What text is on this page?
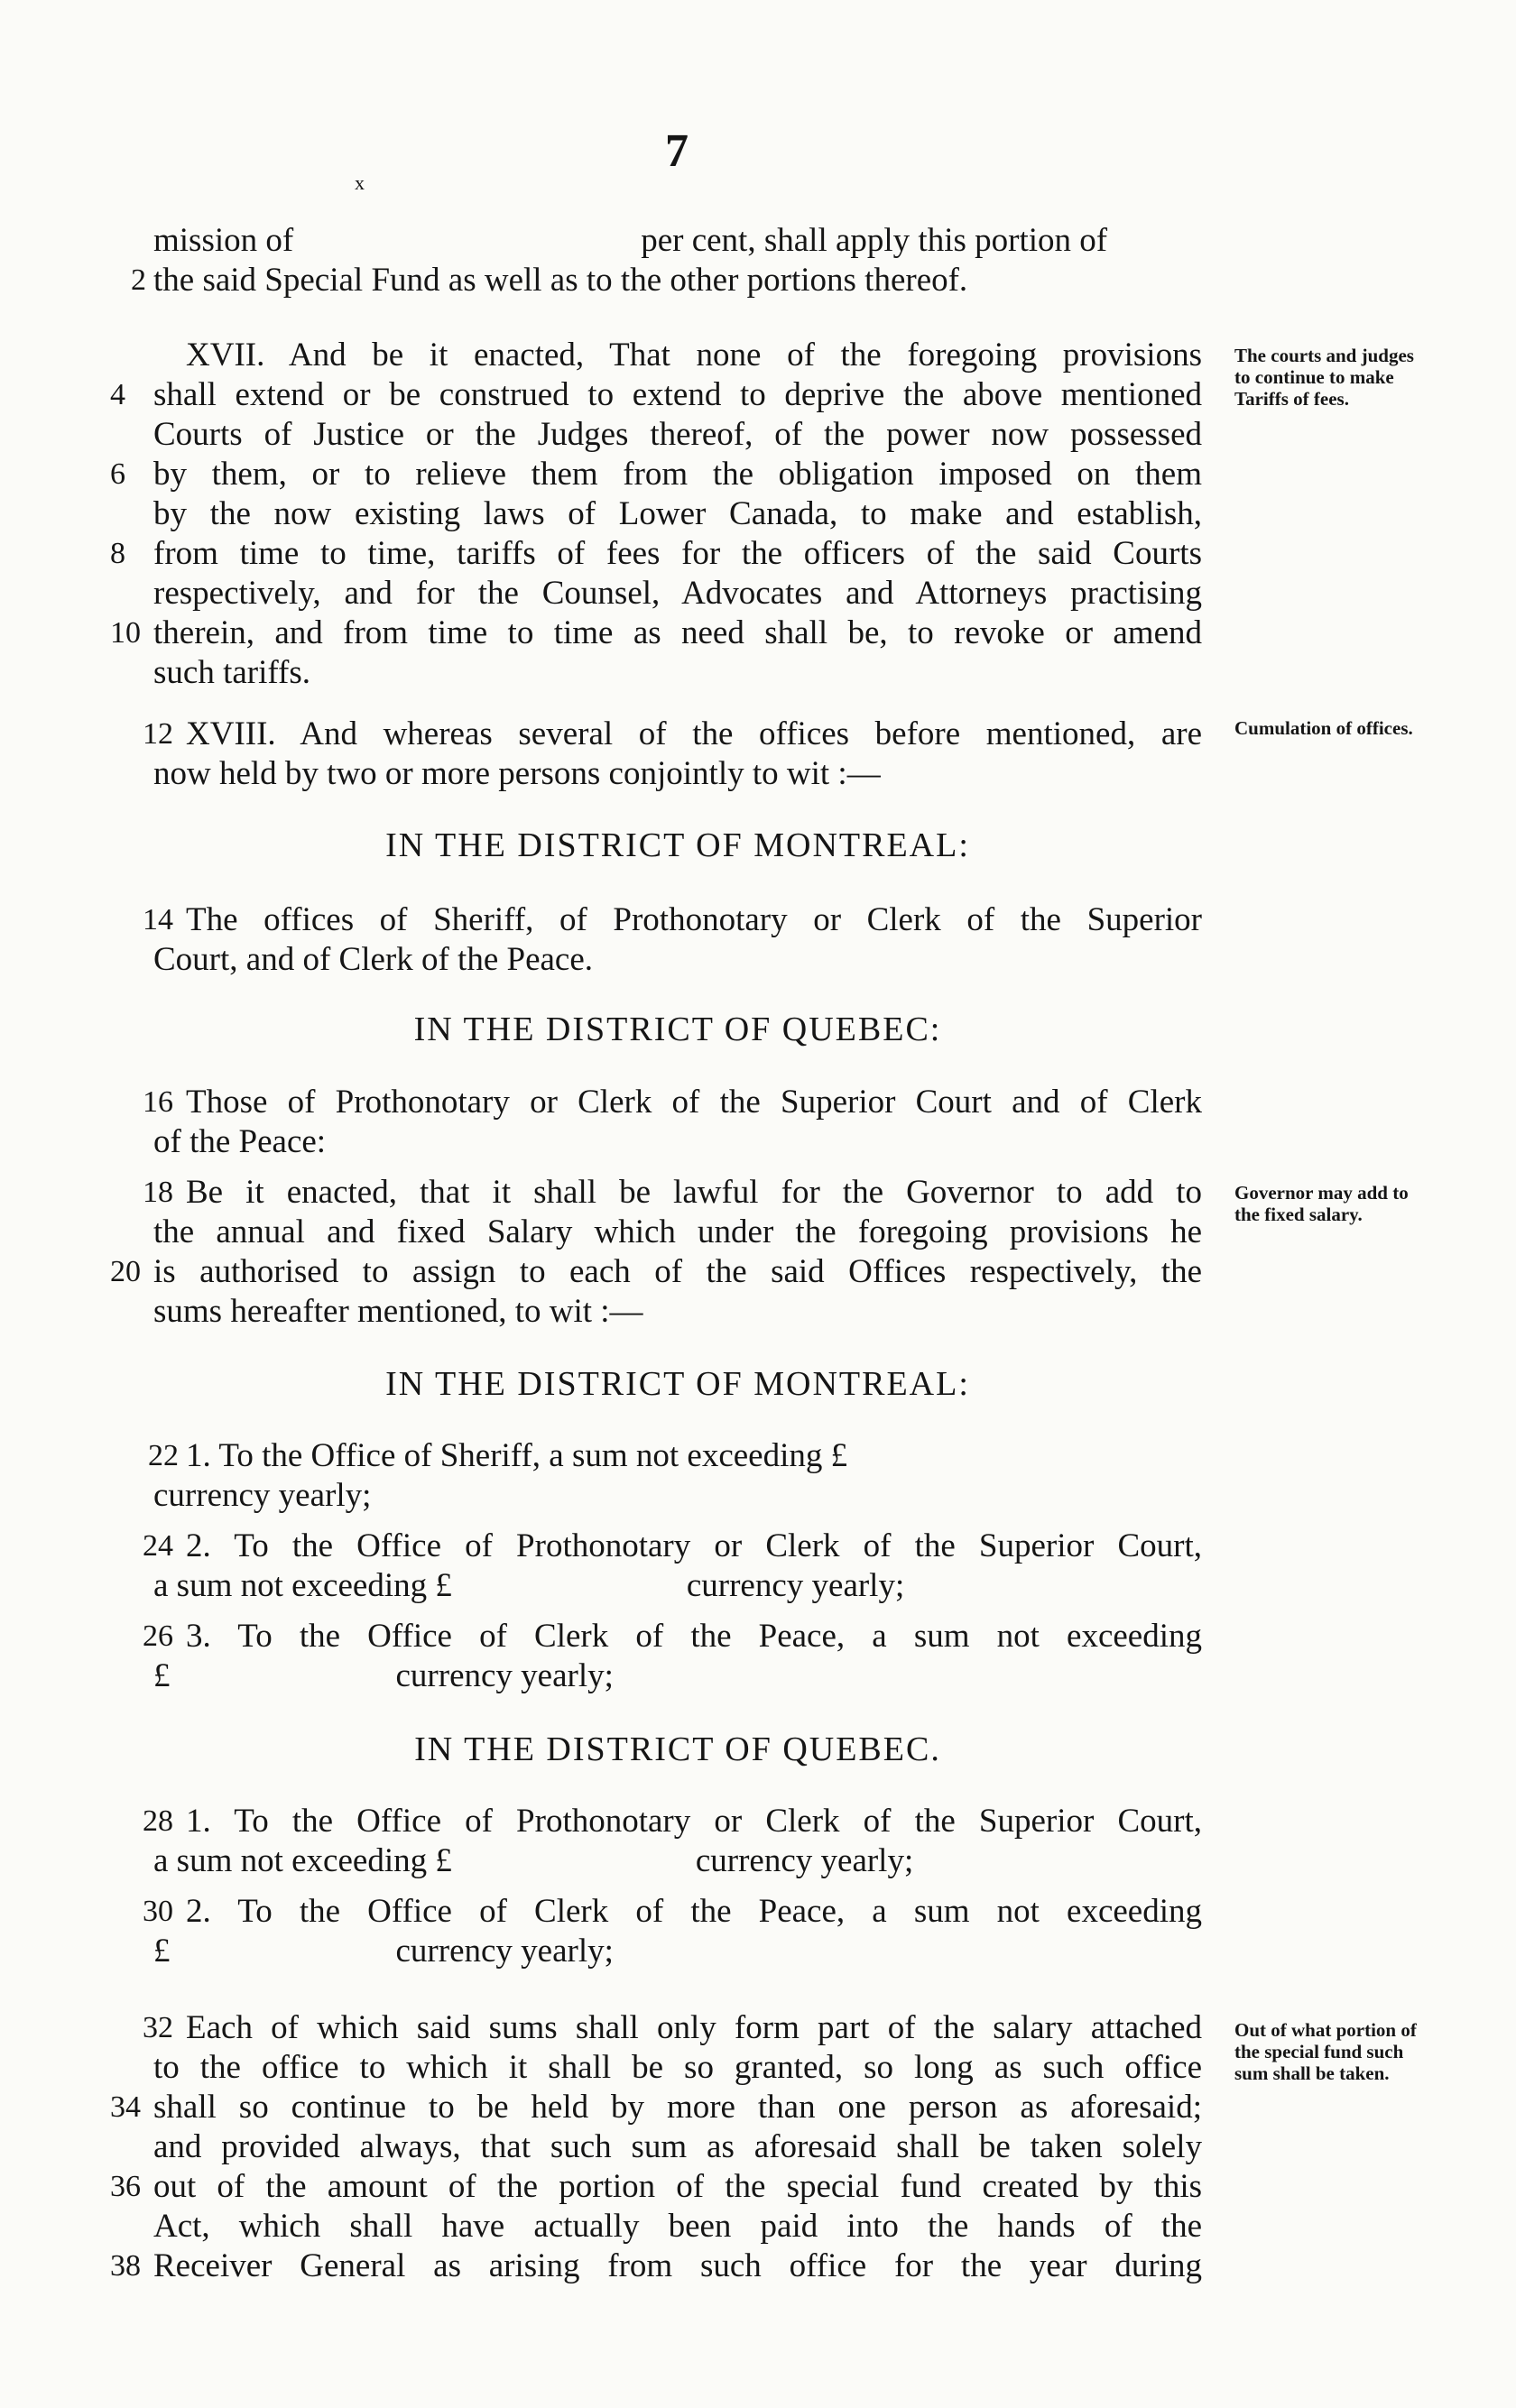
7
x
mission of	per cent, shall apply this portion of
2 the said Special Fund as well as to the other portions thereof.
XVII. And be it enacted, That none of the foregoing provisions
4 shall extend or be construed to extend to deprive the above mentioned
Courts of Justice or the Judges thereof, of the power now possessed
6 by them, or to relieve them from the obligation imposed on them
by the now existing laws of Lower Canada, to make and establish,
8 from time to time, tariffs of fees for the officers of the said Courts
respectively, and for the Counsel, Advocates and Attorneys practising
10 therein, and from time to time as need shall be, to revoke or amend
such tariffs.
12 XVIII. And whereas several of the offices before mentioned, are
now held by two or more persons conjointly to wit :—
IN THE DISTRICT OF MONTREAL:
14 The offices of Sheriff, of Prothonotary or Clerk of the Superior
Court, and of Clerk of the Peace.
IN THE DISTRICT OF QUEBEC:
16 Those of Prothonotary or Clerk of the Superior Court and of Clerk
of the Peace:
18 Be it enacted, that it shall be lawful for the Governor to add to
the annual and fixed Salary which under the foregoing provisions he
20 is authorised to assign to each of the said Offices respectively, the
sums hereafter mentioned, to wit :—
IN THE DISTRICT OF MONTREAL:
22 1. To the Office of Sheriff, a sum not exceeding £
currency yearly;
24 2. To the Office of Prothonotary or Clerk of the Superior Court,
a sum not exceeding £	currency yearly;
26 3. To the Office of Clerk of the Peace, a sum not exceeding
£	currency yearly;
IN THE DISTRICT OF QUEBEC.
28 1. To the Office of Prothonotary or Clerk of the Superior Court,
a sum not exceeding £	currency yearly;
30 2. To the Office of Clerk of the Peace, a sum not exceeding
£	currency yearly;
32 Each of which said sums shall only form part of the salary attached
to the office to which it shall be so granted, so long as such office
34 shall so continue to be held by more than one person as aforesaid;
and provided always, that such sum as aforesaid shall be taken solely
36 out of the amount of the portion of the special fund created by this
Act, which shall have actually been paid into the hands of the
38 Receiver General as arising from such office for the year during
The courts and judges to continue to make Tariffs of fees.
Cumulation of offices.
Governor may add to the fixed salary.
Out of what portion of the special fund such sum shall be taken.
